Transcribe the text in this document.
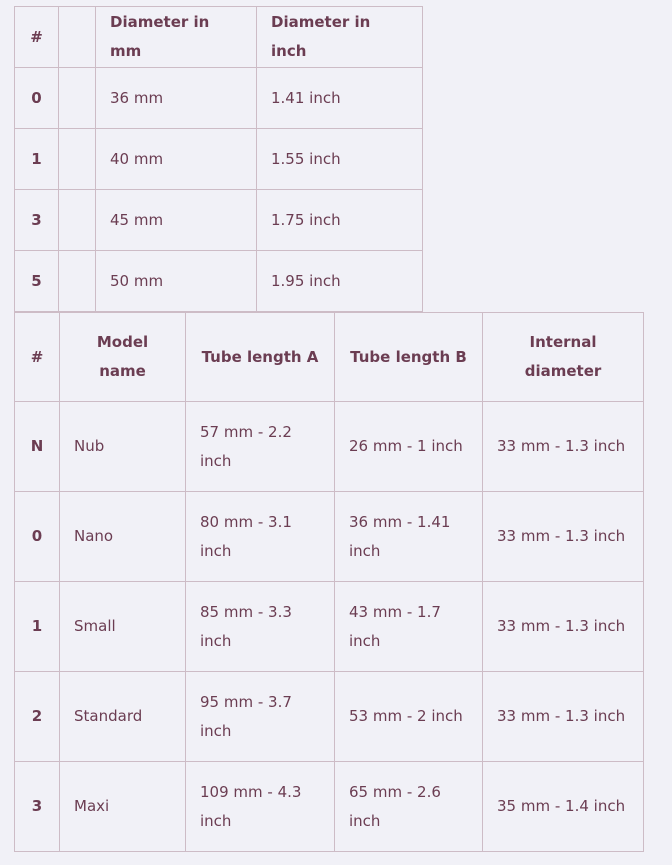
#		Diameter in mm	Diameter in inch
0		36 mm	1.41 inch
1		40 mm	1.55 inch
3		45 mm	1.75 inch
5		50 mm	1.95 inch
#	Model name	Tube length A	Tube length B	Internal diameter
N	Nub	57 mm - 2.2 inch	26 mm - 1 inch	33 mm - 1.3 inch
0	Nano	80 mm - 3.1 inch	36 mm - 1.41 inch	33 mm - 1.3 inch
1	Small	85 mm - 3.3 inch	43 mm - 1.7 inch	33 mm - 1.3 inch
2	Standard	95 mm - 3.7 inch	53 mm - 2 inch	33 mm - 1.3 inch
3	Maxi	109 mm - 4.3 inch	65 mm - 2.6 inch	35 mm - 1.4 inch
